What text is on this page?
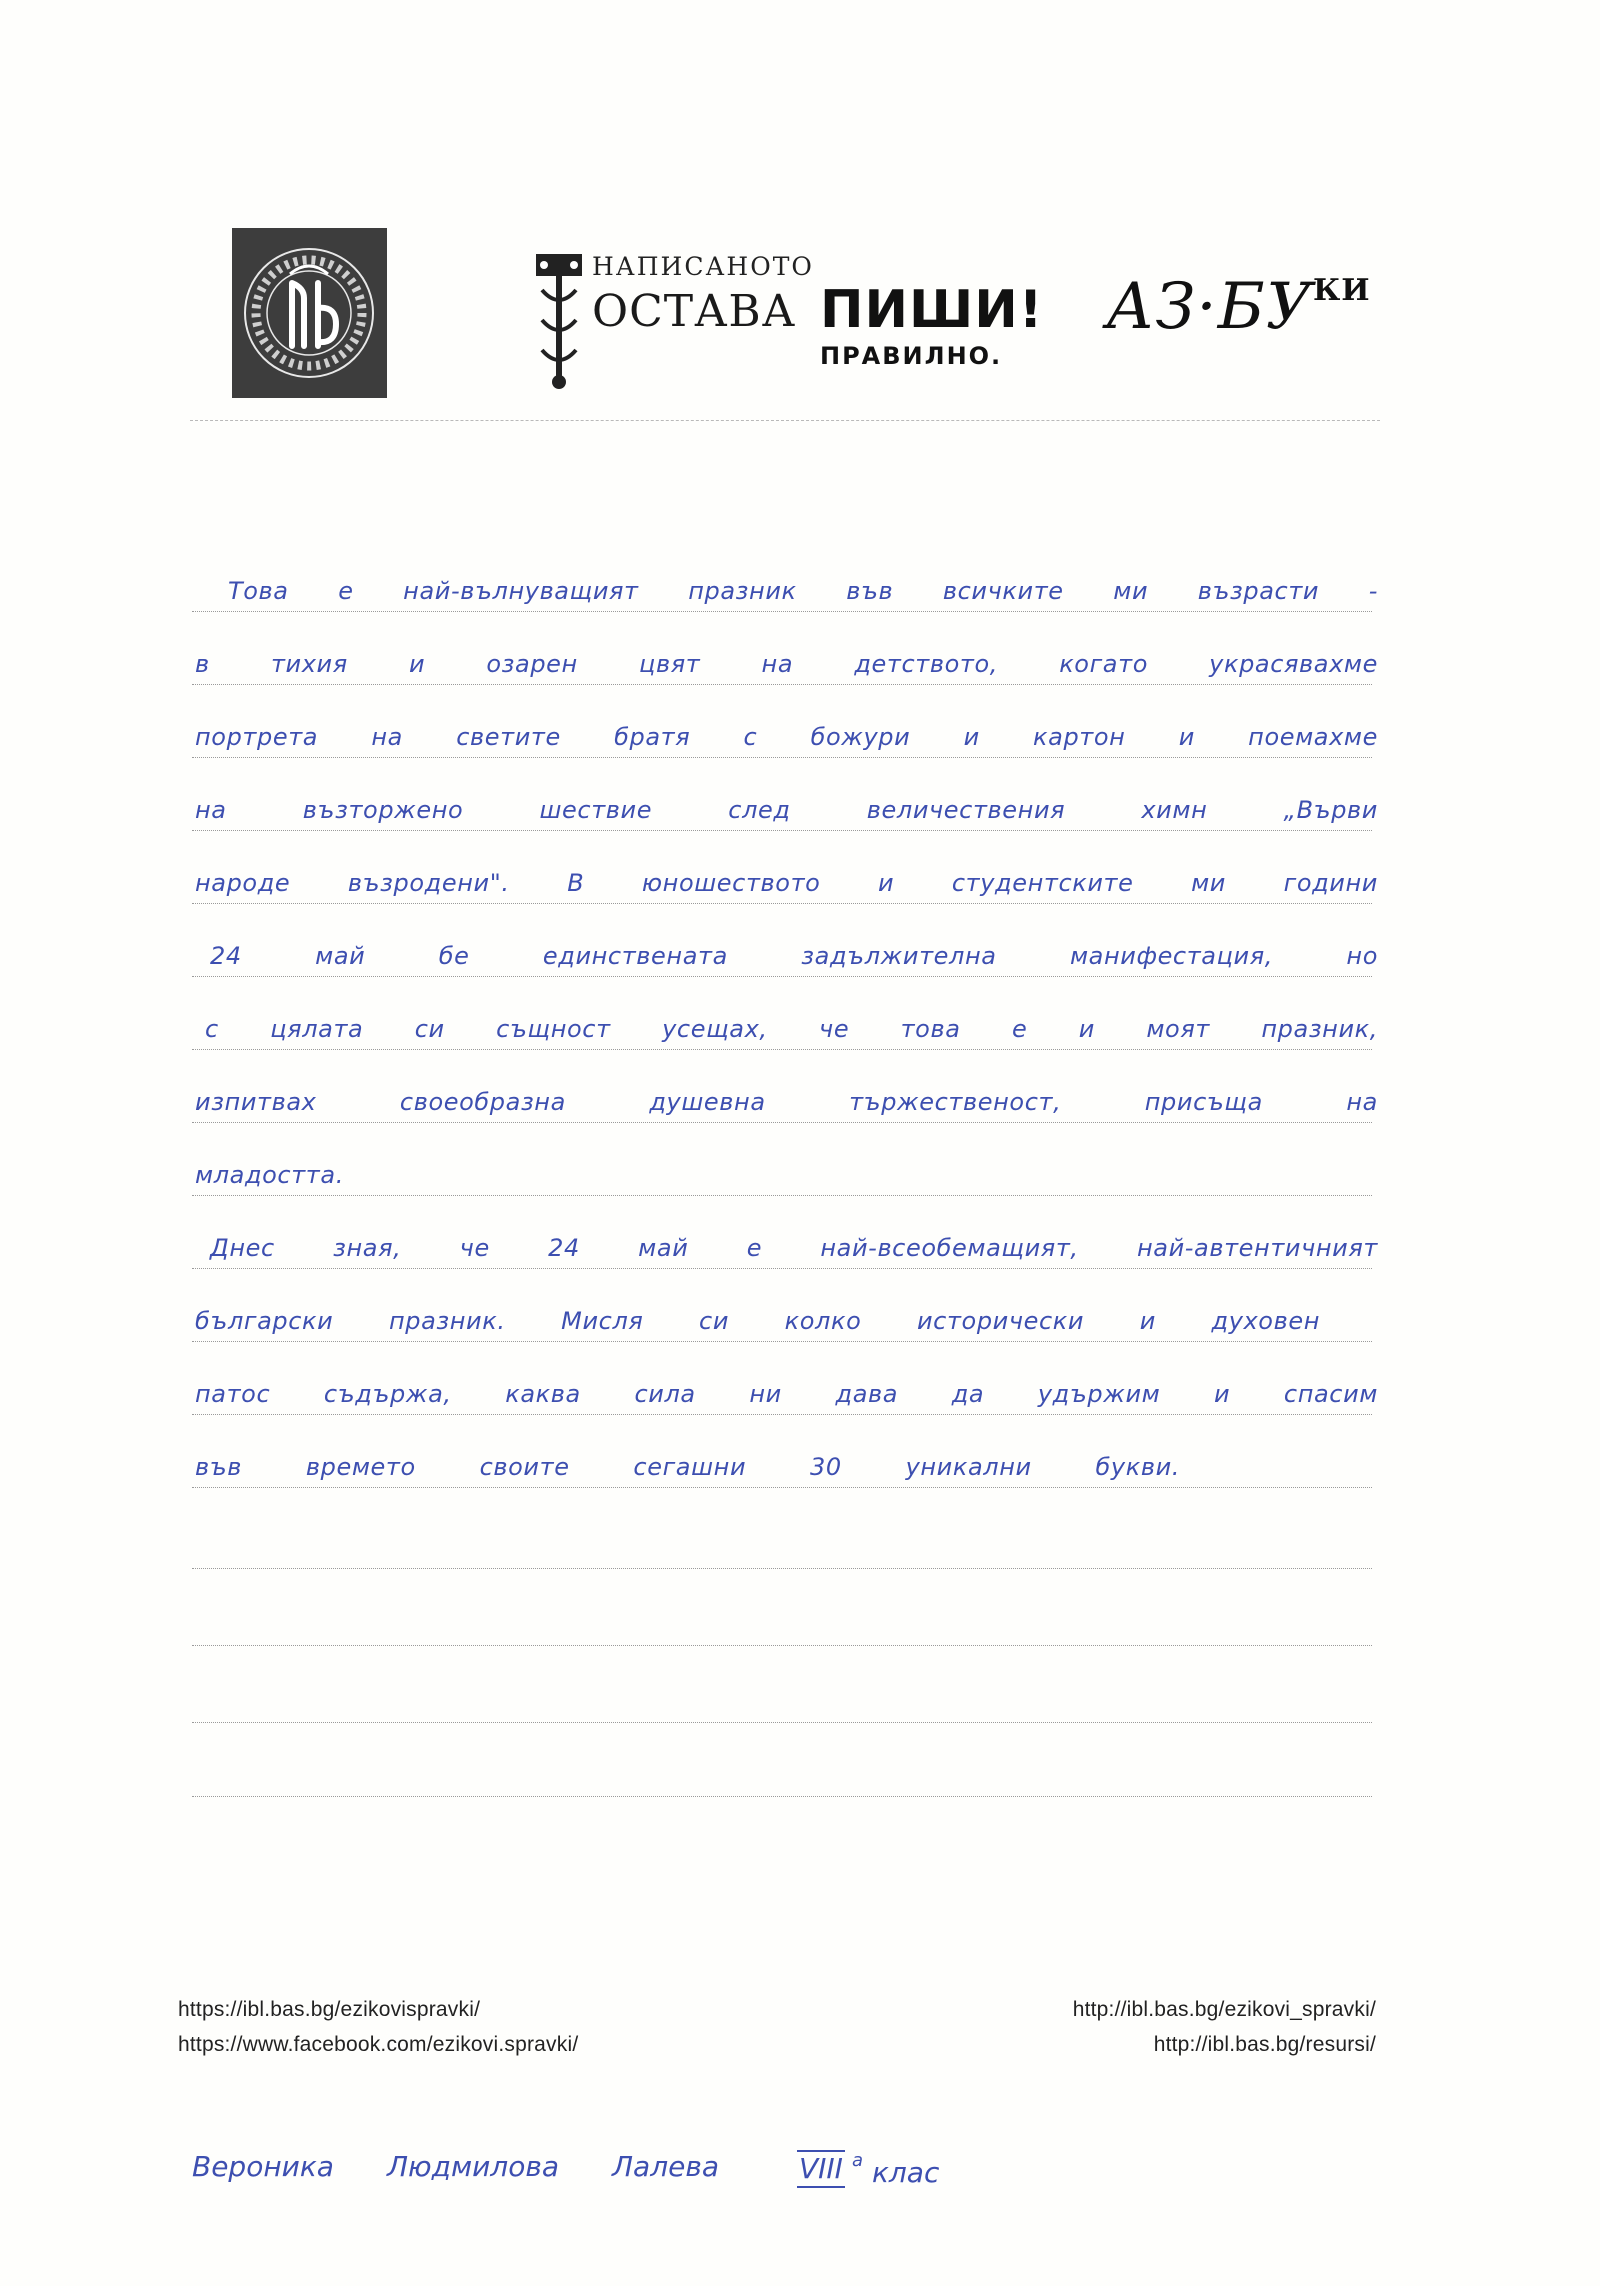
НАПИСАНОТО
ОСТАВА ПИШИ!
ПРАВИЛНО.
$АЗ\cdot БУ^{КИ}$
Това е най-вълнуващият празник във всичките ми възрасти -
в тихия и озарен цвят на детството, когато украсявахме
портрета на светите братя с божури и картон и поемахме
на възторжено шествие след величествения химн „Върви
народе възродени". В юношеството и студентските ми години
24 май бе единствената задължителна манифестация, но
с цялата си същност усещах, че това е и моят празник,
изпитвах своеобразна душевна тържественост, присъща на
младостта.
Днес зная, че 24 май е най-всеобемащият, най-автентичният
български празник. Мисля си колко исторически и духовен
патос съдържа, каква сила ни дава да удържим и спасим
във времето своите сегашни 30 уникални букви.
https://ibl.bas.bg/ezikovispravki/
https://www.facebook.com/ezikovi.spravki/
http://ibl.bas.bg/ezikovi_spravki/
http://ibl.bas.bg/resursi/
Вероника Людмилова Лалева	VIII а клас
